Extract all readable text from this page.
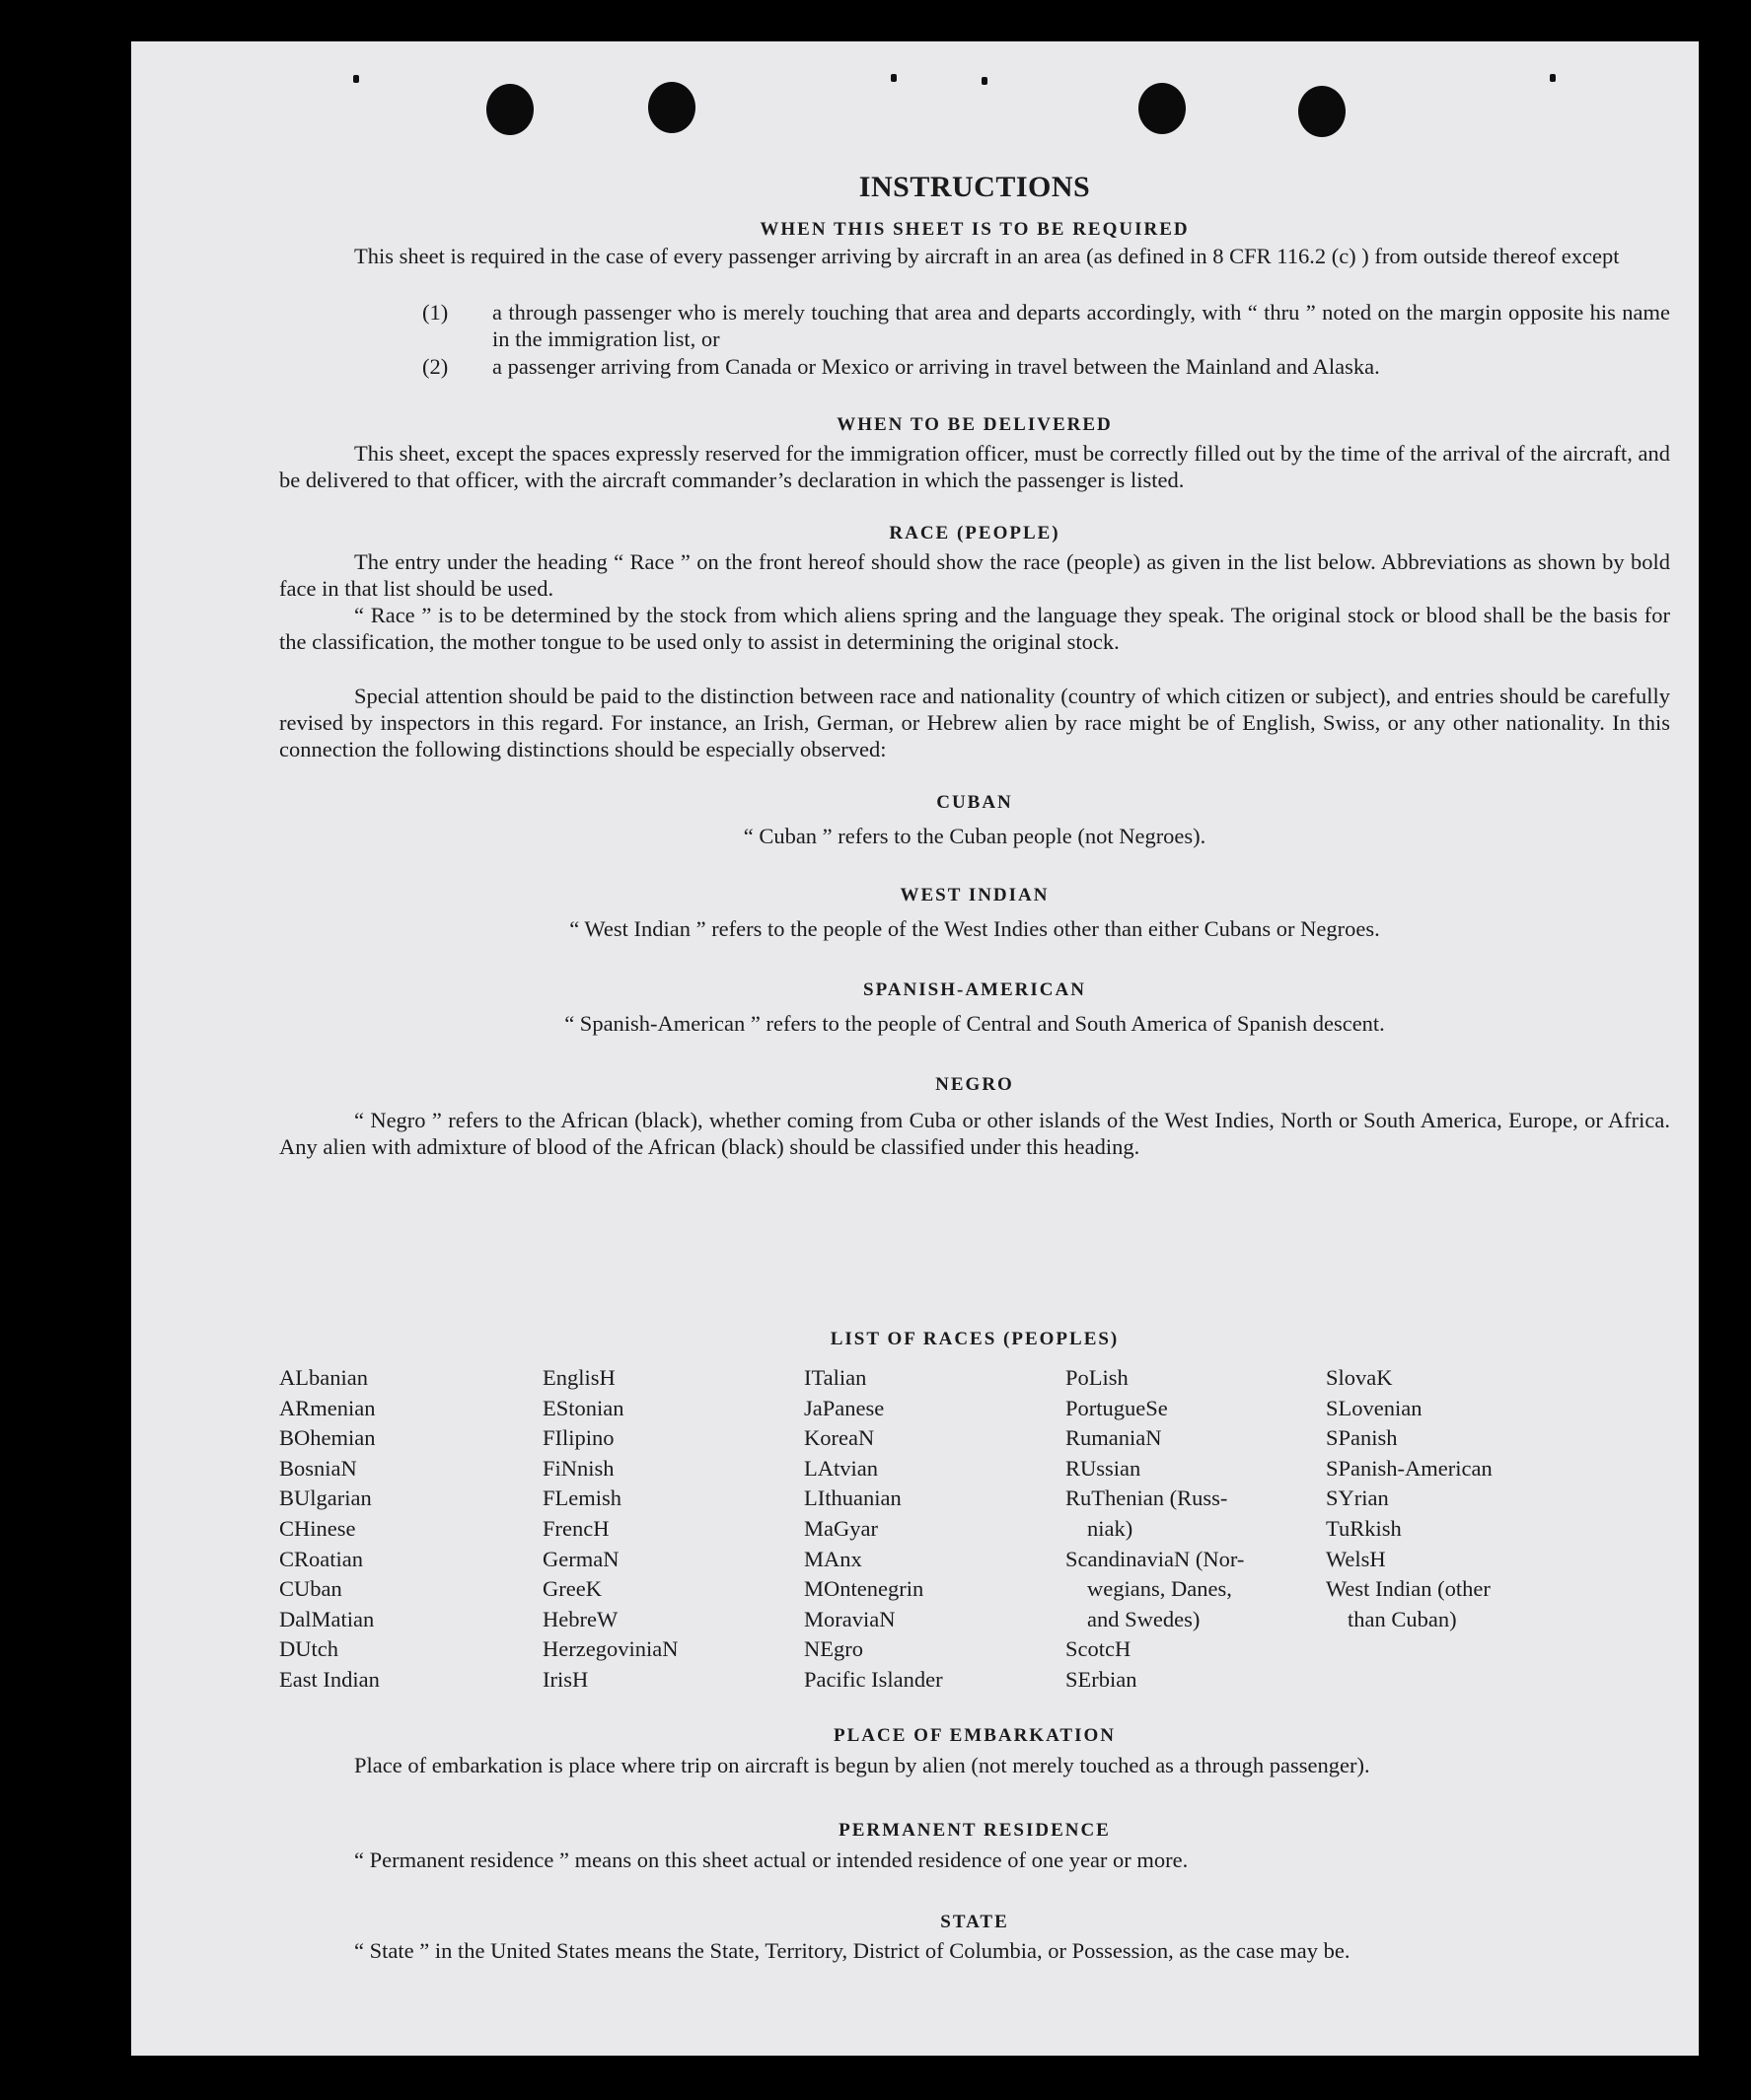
INSTRUCTIONS
WHEN THIS SHEET IS TO BE REQUIRED
This sheet is required in the case of every passenger arriving by aircraft in an area (as defined in 8 CFR 116.2 (c) ) from outside thereof except
(1) a through passenger who is merely touching that area and departs accordingly, with “ thru ” noted on the margin opposite his name in the immigration list, or
(2) a passenger arriving from Canada or Mexico or arriving in travel between the Mainland and Alaska.
WHEN TO BE DELIVERED
This sheet, except the spaces expressly reserved for the immigration officer, must be correctly filled out by the time of the arrival of the aircraft, and be delivered to that officer, with the aircraft commander’s declaration in which the passenger is listed.
RACE (PEOPLE)
The entry under the heading “ Race ” on the front hereof should show the race (people) as given in the list below. Abbreviations as shown by bold face in that list should be used.
“ Race ” is to be determined by the stock from which aliens spring and the language they speak. The original stock or blood shall be the basis for the classification, the mother tongue to be used only to assist in determining the original stock.
Special attention should be paid to the distinction between race and nationality (country of which citizen or subject), and entries should be carefully revised by inspectors in this regard. For instance, an Irish, German, or Hebrew alien by race might be of English, Swiss, or any other nationality. In this connection the following distinctions should be especially observed:
CUBAN
“ Cuban ” refers to the Cuban people (not Negroes).
WEST INDIAN
“ West Indian ” refers to the people of the West Indies other than either Cubans or Negroes.
SPANISH-AMERICAN
“ Spanish-American ” refers to the people of Central and South America of Spanish descent.
NEGRO
“ Negro ” refers to the African (black), whether coming from Cuba or other islands of the West Indies, North or South America, Europe, or Africa. Any alien with admixture of blood of the African (black) should be classified under this heading.
LIST OF RACES (PEOPLES)
ALbanian
ARmenian
BOhemian
BosniaN
BUlgarian
CHinese
CRoatian
CUban
DalMatian
DUtch
East Indian
EnglisH
EStonian
FIlipino
FiNnish
FLemish
FrencH
GermaN
GreeK
HebreW
HerzegoviniaN
IrisH
ITalian
JaPanese
KoreaN
LAtvian
LIthuanian
MaGyar
MAnx
MOntenegrin
MoraviaN
NEgro
Pacific Islander
PoLish
PortugueSe
RumaniaN
RUssian
RuThenian (Russ-
niak)
ScandinaviaN (Nor-
wegians, Danes,
and Swedes)
ScotcH
SErbian
SlovaK
SLovenian
SPanish
SPanish-American
SYrian
TuRkish
WelsH
West Indian (other
than Cuban)
PLACE OF EMBARKATION
Place of embarkation is place where trip on aircraft is begun by alien (not merely touched as a through passenger).
PERMANENT RESIDENCE
“ Permanent residence ” means on this sheet actual or intended residence of one year or more.
STATE
“ State ” in the United States means the State, Territory, District of Columbia, or Possession, as the case may be.
